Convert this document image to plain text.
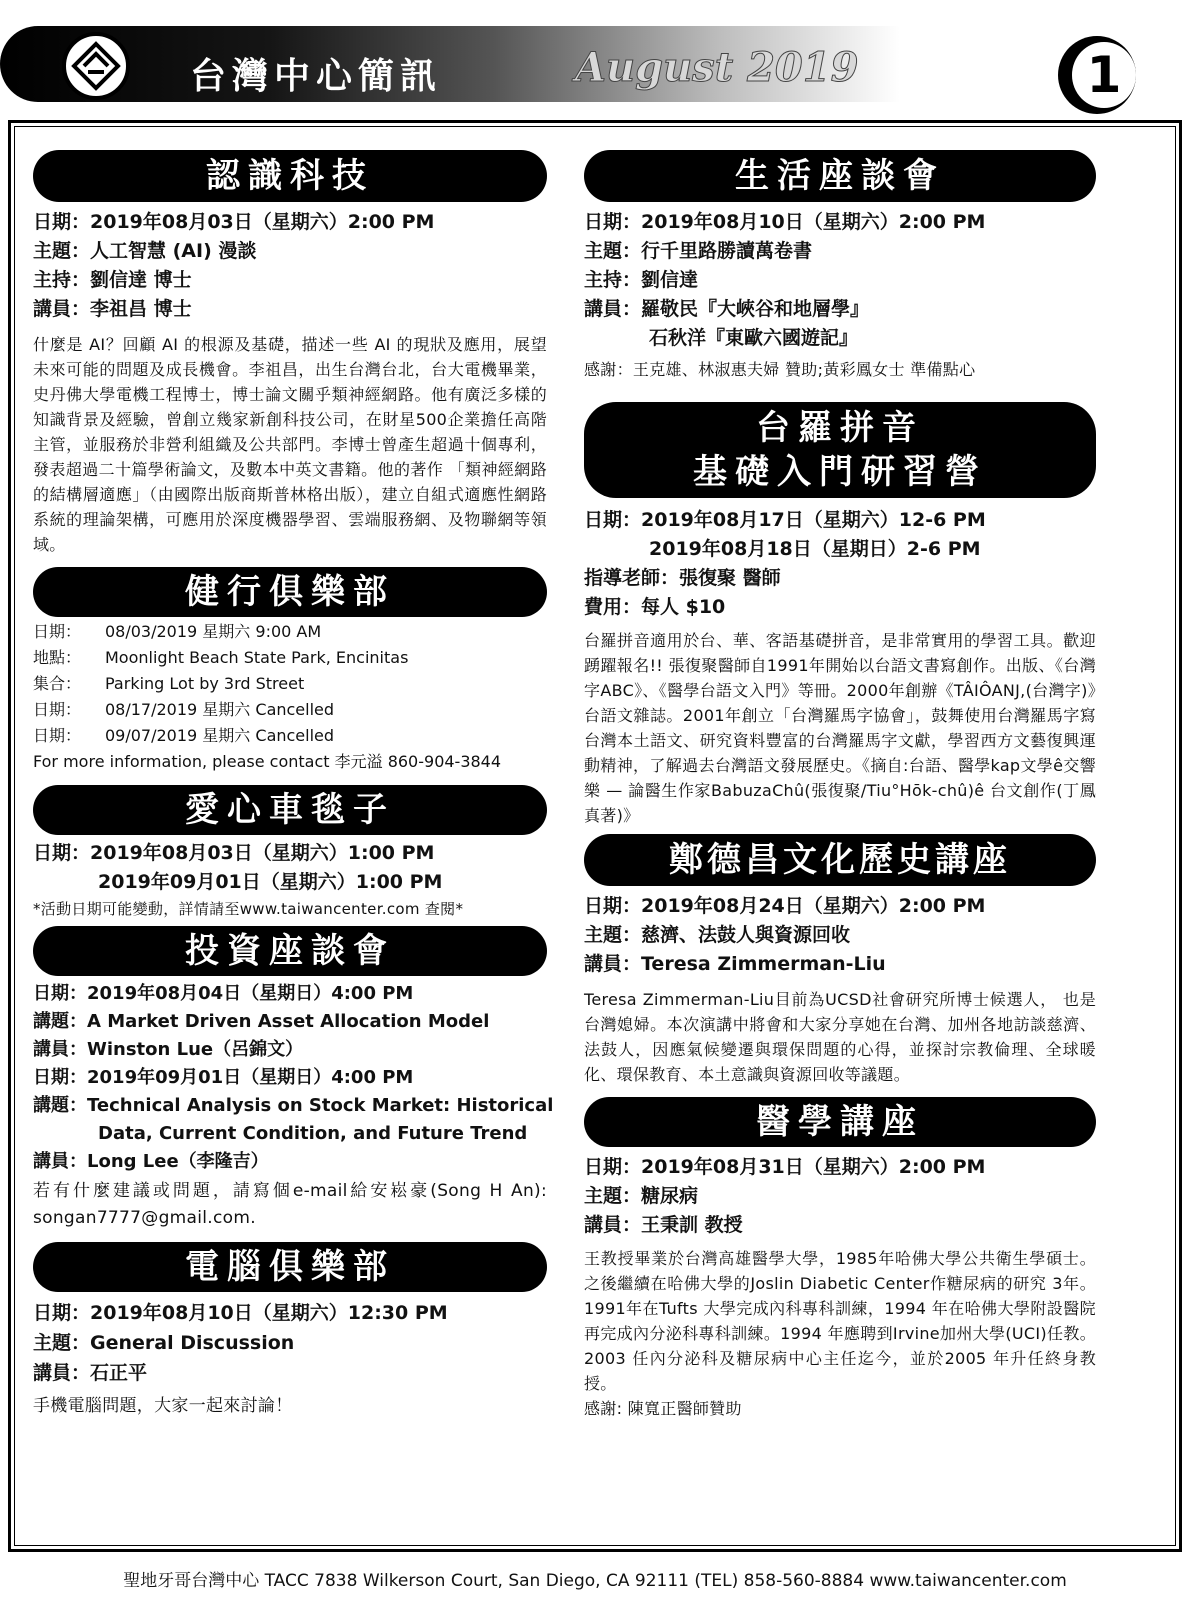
台灣中心簡訊	August 2019	1
認識科技
日期：2019年08月03日（星期六）2:00 PM
主題：人工智慧 (AI) 漫談
主持：劉信達 博士
講員：李祖昌 博士
什麼是 AI？回顧 AI 的根源及基礎，描述一些 AI 的現狀及應用，展望未來可能的問題及成長機會。李祖昌，出生台灣台北，台大電機畢業，史丹佛大學電機工程博士，博士論文關乎類神經網路。他有廣泛多樣的知識背景及經驗，曾創立幾家新創科技公司，在財星500企業擔任高階主管，並服務於非營利組織及公共部門。李博士曾產生超過十個專利，發表超過二十篇學術論文，及數本中英文書籍。他的著作 「類神經網路的結構層適應」（由國際出版商斯普林格出版），建立自組式適應性網路系統的理論架構，可應用於深度機器學習、雲端服務網、及物聯網等領域。
健行俱樂部
日期： 08/03/2019 星期六 9:00 AM
地點： Moonlight Beach State Park, Encinitas
集合： Parking Lot by 3rd Street
日期： 08/17/2019 星期六 Cancelled
日期： 09/07/2019 星期六 Cancelled
For more information, please contact 李元溢 860-904-3844
愛心車毯子
日期：2019年08月03日（星期六）1:00 PM
2019年09月01日（星期六）1:00 PM
*活動日期可能變動，詳情請至www.taiwancenter.com 查閱*
投資座談會
日期：2019年08月04日（星期日）4:00 PM
講題：A Market Driven Asset Allocation Model
講員：Winston Lue（呂錦文）
日期：2019年09月01日（星期日）4:00 PM
講題：Technical Analysis on Stock Market: Historical
Data, Current Condition, and Future Trend
講員：Long Lee（李隆吉）
若有什麼建議或問題，請寫個e-mail給安崧豪(Song H An): songan7777@gmail.com.
電腦俱樂部
日期：2019年08月10日（星期六）12:30 PM
主題：General Discussion
講員：石正平
手機電腦問題，大家一起來討論！
生活座談會
日期：2019年08月10日（星期六）2:00 PM
主題：行千里路勝讀萬卷書
主持：劉信達
講員：羅敬民『大峽谷和地層學』
石秋洋『東歐六國遊記』
感謝：王克雄、林淑惠夫婦 贊助;黃彩鳳女士 準備點心
台羅拼音
基礎入門研習營
日期：2019年08月17日（星期六）12-6 PM
2019年08月18日（星期日）2-6 PM
指導老師：張復聚 醫師
費用：每人 $10
台羅拼音適用於台、華、客語基礎拼音，是非常實用的學習工具。歡迎踴躍報名!! 張復聚醫師自1991年開始以台語文書寫創作。出版、《台灣字ABC》、《醫學台語文入門》等冊。2000年創辦《TÂIÔANJ,(台灣字)》台語文雜誌。2001年創立「台灣羅馬字協會」，鼓舞使用台灣羅馬字寫台灣本土語文、研究資料豐富的台灣羅馬字文獻，學習西方文藝復興運動精神，了解過去台灣語文發展歷史。《摘自:台語、醫學kap文學ê交響樂 — 論醫生作家BabuzaChû(張復聚/Tiu°Hōk-chû)ê 台文創作(丁鳳真著)》
鄭德昌文化歷史講座
日期：2019年08月24日（星期六）2:00 PM
主題：慈濟、法鼓人與資源回收
講員：Teresa Zimmerman-Liu
Teresa Zimmerman-Liu目前為UCSD社會研究所博士候選人， 也是台灣媳婦。本次演講中將會和大家分享她在台灣、加州各地訪談慈濟、法鼓人，因應氣候變遷與環保問題的心得，並探討宗教倫理、全球暖化、環保教育、本土意識與資源回收等議題。
醫學講座
日期：2019年08月31日（星期六）2:00 PM
主題：糖尿病
講員：王秉訓 教授
王教授畢業於台灣高雄醫學大學，1985年哈佛大學公共衛生學碩士。之後繼續在哈佛大學的Joslin Diabetic Center作糖尿病的研究 3年。1991年在Tufts 大學完成內科專科訓練，1994 年在哈佛大學附設醫院再完成內分泌科專科訓練。1994 年應聘到Irvine加州大學(UCI)任教。2003 任內分泌科及糖尿病中心主任迄今，並於2005 年升任終身教授。
感謝: 陳寬正醫師贊助
聖地牙哥台灣中心 TACC 7838 Wilkerson Court, San Diego, CA 92111 (TEL) 858-560-8884 www.taiwancenter.com
